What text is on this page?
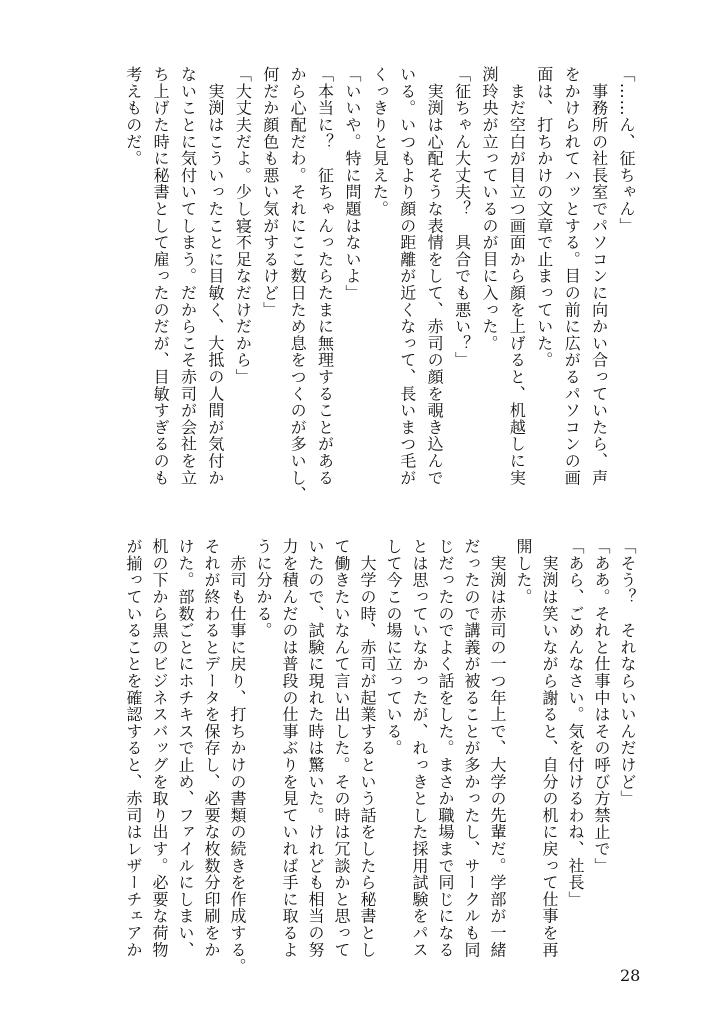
「……ん、征ちゃん」
　事務所の社長室でパソコンに向かい合っていたら、声
をかけられてハッとする。目の前に広がるパソコンの画
面は、打ちかけの文章で止まっていた。
　まだ空白が目立つ画面から顔を上げると、机越しに実
渕玲央が立っているのが目に入った。
「征ちゃん大丈夫？　具合でも悪い？」
　実渕は心配そうな表情をして、赤司の顔を覗き込んで
いる。いつもより顔の距離が近くなって、長いまつ毛が
くっきりと見えた。
「いいや。特に問題はないよ」
「本当に？　征ちゃんったらたまに無理することがある
から心配だわ。それにここ数日ため息をつくのが多いし、
何だか顔色も悪い気がするけど」
「大丈夫だよ。少し寝不足なだけだから」
　実渕はこういったことに目敏く、大抵の人間が気付か
ないことに気付いてしまう。だからこそ赤司が会社を立
ち上げた時に秘書として雇ったのだが、目敏すぎるのも
考えものだ。
「そう？　それならいいんだけど」
「ああ。それと仕事中はその呼び方禁止で」
「あら、ごめんなさい。気を付けるわね、社長」
　実渕は笑いながら謝ると、自分の机に戻って仕事を再
開した。
　実渕は赤司の一つ年上で、大学の先輩だ。学部が一緒
だったので講義が被ることが多かったし、サークルも同
じだったのでよく話をした。まさか職場まで同じになる
とは思っていなかったが、れっきとした採用試験をパス
して今この場に立っている。
　大学の時、赤司が起業するという話をしたら秘書とし
て働きたいなんて言い出した。その時は冗談かと思って
いたので、試験に現れた時は驚いた。けれども相当の努
力を積んだのは普段の仕事ぶりを見ていれば手に取るよ
うに分かる。
　赤司も仕事に戻り、打ちかけの書類の続きを作成する。
それが終わるとデータを保存し、必要な枚数分印刷をか
けた。部数ごとにホチキスで止め、ファイルにしまい、
机の下から黒のビジネスバッグを取り出す。必要な荷物
が揃っていることを確認すると、赤司はレザーチェアか
28
